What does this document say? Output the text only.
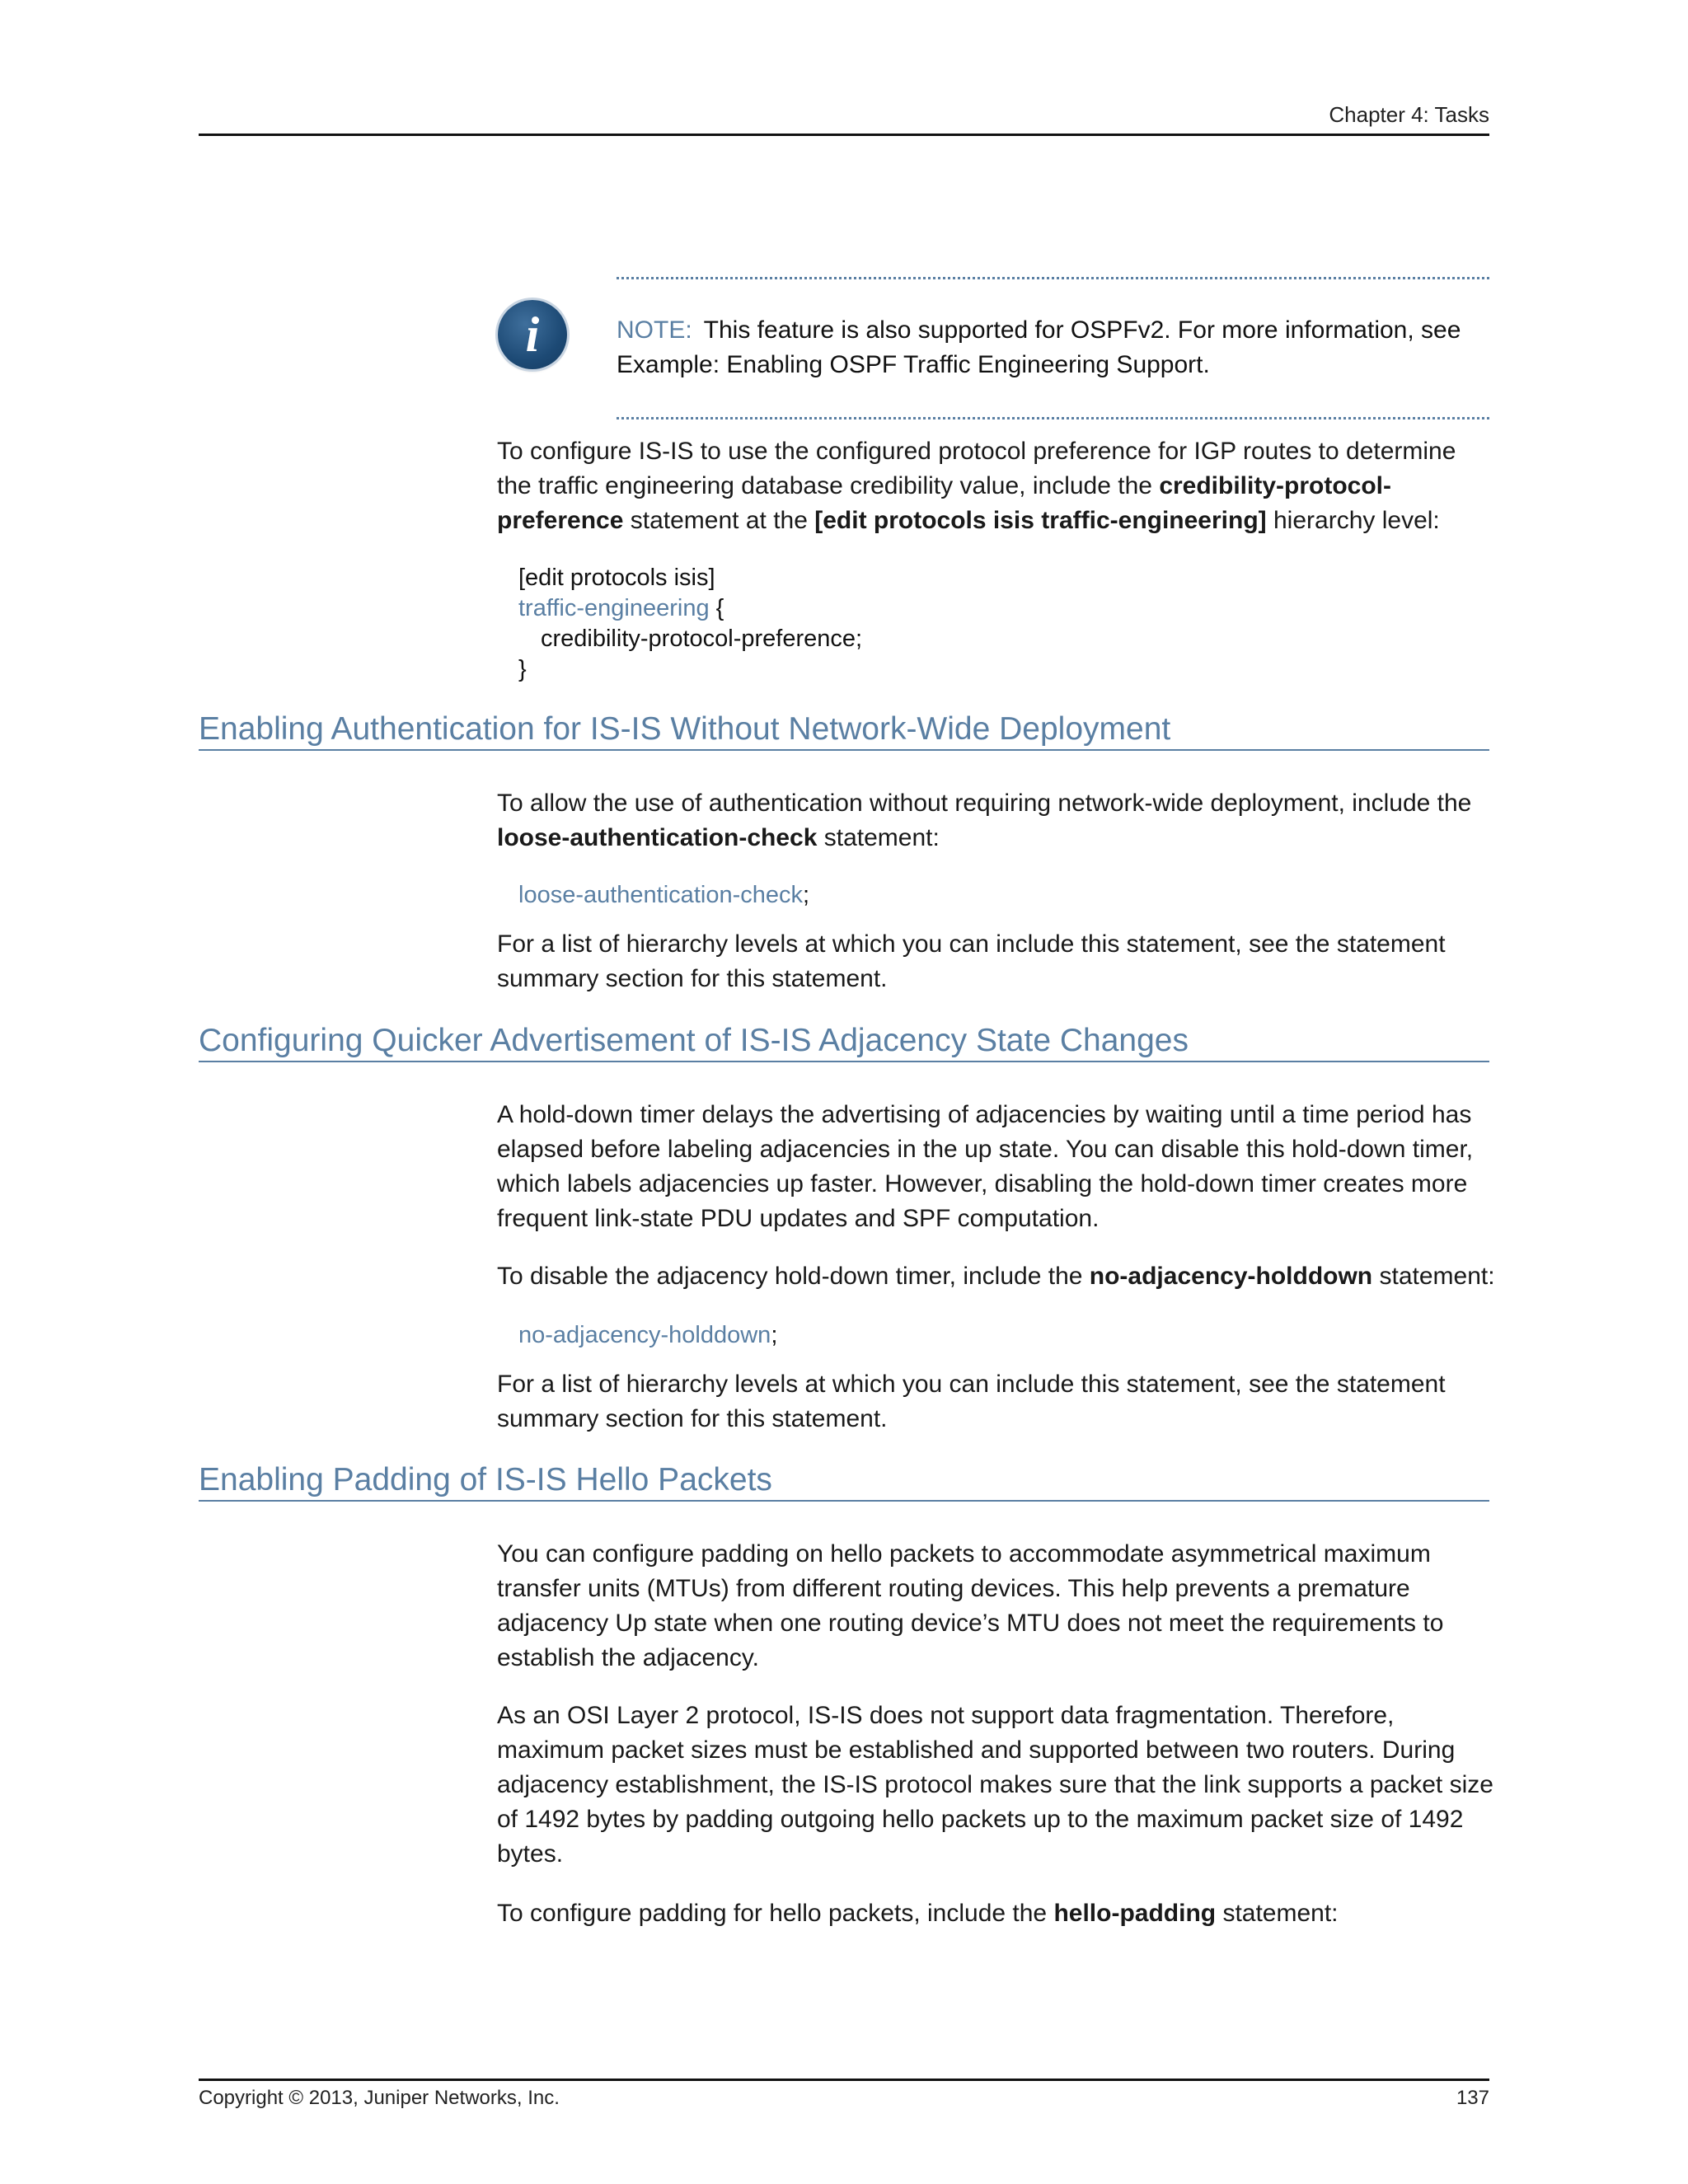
Chapter 4: Tasks
i	NOTE: This feature is also supported for OSPFv2. For more information, see Example: Enabling OSPF Traffic Engineering Support.

To configure IS-IS to use the configured protocol preference for IGP routes to determine the traffic engineering database credibility value, include the credibility-protocol-preference statement at the [edit protocols isis traffic-engineering] hierarchy level:

[edit protocols isis]
traffic-engineering {
credibility-protocol-preference;
}
Enabling Authentication for IS-IS Without Network-Wide Deployment

To allow the use of authentication without requiring network-wide deployment, include the loose-authentication-check statement:

loose-authentication-check;

For a list of hierarchy levels at which you can include this statement, see the statement summary section for this statement.

Configuring Quicker Advertisement of IS-IS Adjacency State Changes

A hold-down timer delays the advertising of adjacencies by waiting until a time period has elapsed before labeling adjacencies in the up state. You can disable this hold-down timer, which labels adjacencies up faster. However, disabling the hold-down timer creates more frequent link-state PDU updates and SPF computation.

To disable the adjacency hold-down timer, include the no-adjacency-holddown statement:

no-adjacency-holddown;

For a list of hierarchy levels at which you can include this statement, see the statement summary section for this statement.

Enabling Padding of IS-IS Hello Packets

You can configure padding on hello packets to accommodate asymmetrical maximum transfer units (MTUs) from different routing devices. This help prevents a premature adjacency Up state when one routing device’s MTU does not meet the requirements to establish the adjacency.

As an OSI Layer 2 protocol, IS-IS does not support data fragmentation. Therefore, maximum packet sizes must be established and supported between two routers. During adjacency establishment, the IS-IS protocol makes sure that the link supports a packet size of 1492 bytes by padding outgoing hello packets up to the maximum packet size of 1492 bytes.

To configure padding for hello packets, include the hello-padding statement:

Copyright © 2013, Juniper Networks, Inc.	137
